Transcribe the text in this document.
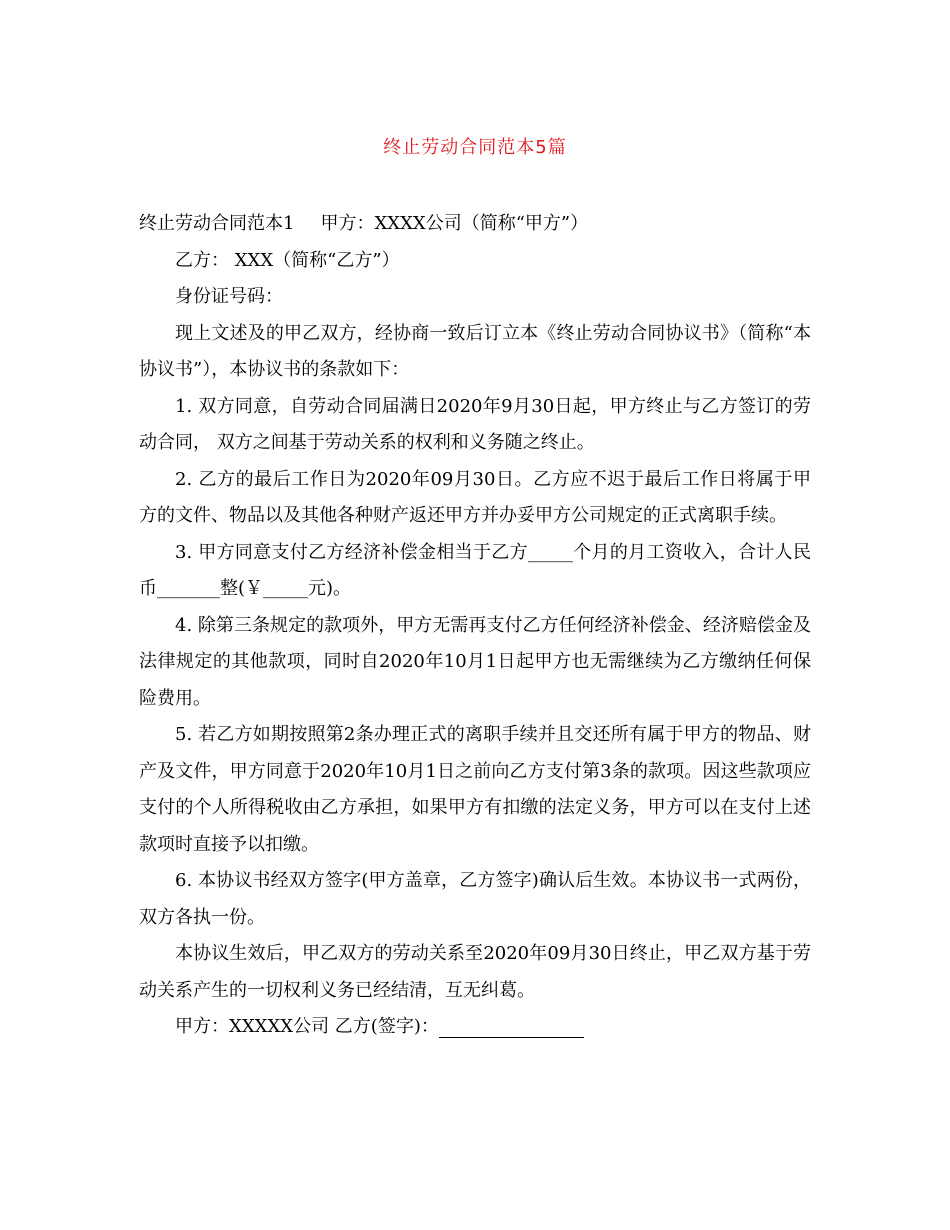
终止劳动合同范本5篇

终止劳动合同范本1 甲方：XXXX公司（简称“甲方”）

乙方： XXX（简称“乙方”）

身份证号码：

现上文述及的甲乙双方，经协商一致后订立本《终止劳动合同协议书》（简称“本协议书”），本协议书的条款如下：

1. 双方同意，自劳动合同届满日2020年9月30日起，甲方终止与乙方签订的劳动合同， 双方之间基于劳动关系的权利和义务随之终止。

2. 乙方的最后工作日为2020年09月30日。乙方应不迟于最后工作日将属于甲方的文件、物品以及其他各种财产返还甲方并办妥甲方公司规定的正式离职手续。

3. 甲方同意支付乙方经济补偿金相当于乙方_____个月的月工资收入，合计人民币_______整(￥_____元)。

4. 除第三条规定的款项外，甲方无需再支付乙方任何经济补偿金、经济赔偿金及法律规定的其他款项，同时自2020年10月1日起甲方也无需继续为乙方缴纳任何保险费用。

5. 若乙方如期按照第2条办理正式的离职手续并且交还所有属于甲方的物品、财产及文件，甲方同意于2020年10月1日之前向乙方支付第3条的款项。因这些款项应支付的个人所得税收由乙方承担，如果甲方有扣缴的法定义务，甲方可以在支付上述款项时直接予以扣缴。

6. 本协议书经双方签字(甲方盖章，乙方签字)确认后生效。本协议书一式两份，双方各执一份。

本协议生效后，甲乙双方的劳动关系至2020年09月30日终止，甲乙双方基于劳动关系产生的一切权利义务已经结清，互无纠葛。

甲方：XXXXX公司 乙方(签字)：
